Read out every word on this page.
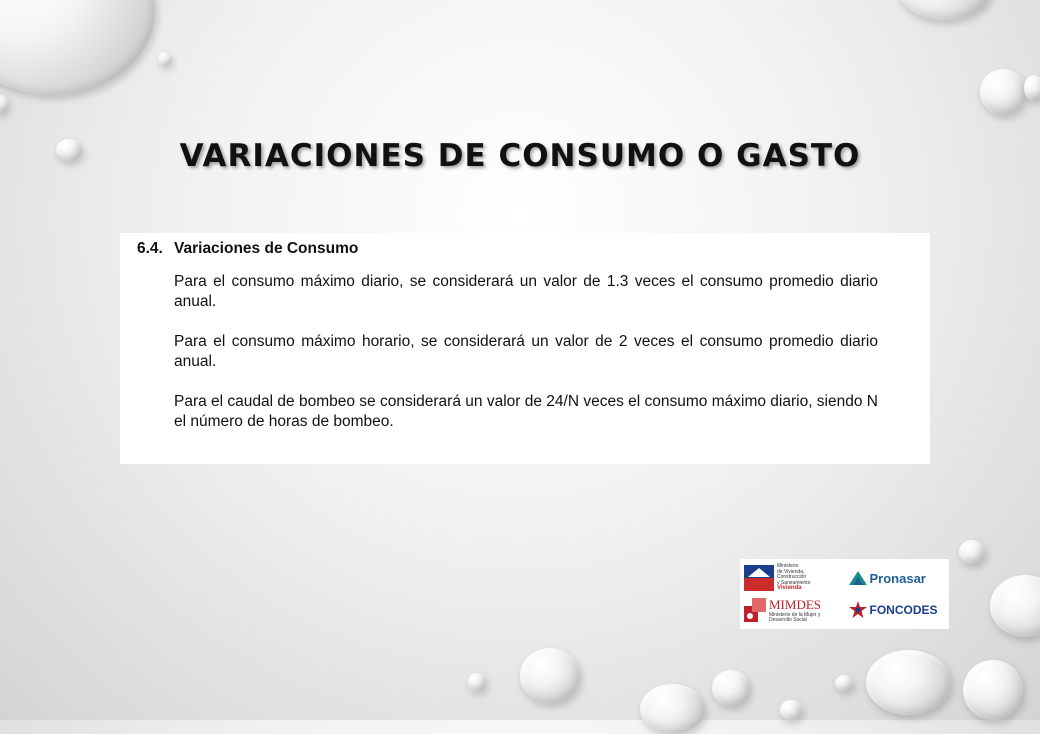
VARIACIONES DE CONSUMO O GASTO
6.4. Variaciones de Consumo

Para el consumo máximo diario, se considerará un valor de 1.3 veces el consumo promedio diario anual.

Para el consumo máximo horario, se considerará un valor de 2 veces el consumo promedio diario anual.

Para el caudal de bombeo se considerará un valor de 24/N veces el consumo máximo diario, siendo N el número de horas de bombeo.

Ministerio
de Vivienda,
Construcción
y Saneamiento
Vivienda
Pronasar
MIMDES
Ministerio de la Mujer y Desarrollo Social
FONCODES
